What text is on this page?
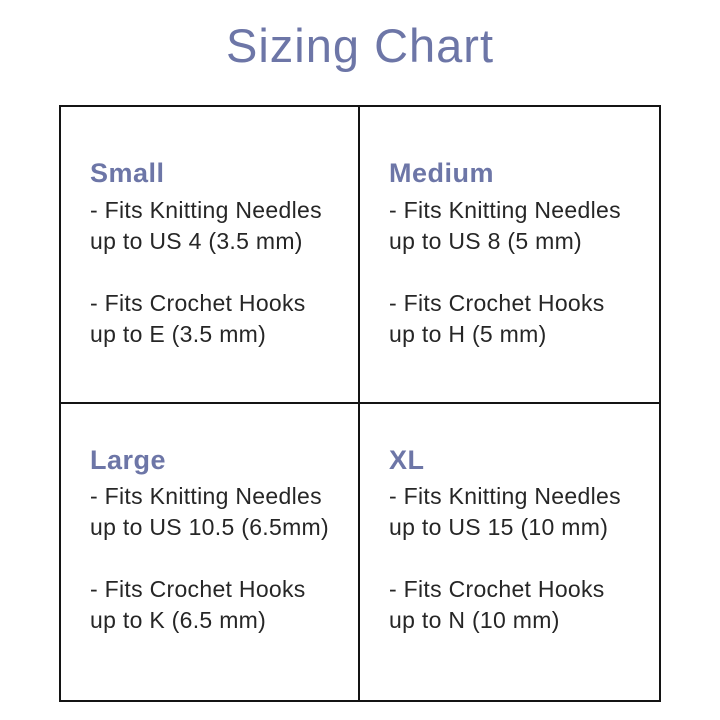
Sizing Chart
Small
- Fits Knitting Needles
up to US 4 (3.5 mm)
- Fits Crochet Hooks
up to E (3.5 mm)
Medium
- Fits Knitting Needles
up to US 8 (5 mm)
- Fits Crochet Hooks
up to H (5 mm)
Large
- Fits Knitting Needles
up to US 10.5 (6.5mm)
- Fits Crochet Hooks
up to K (6.5 mm)
XL
- Fits Knitting Needles
up to US 15 (10 mm)
- Fits Crochet Hooks
up to N (10 mm)
